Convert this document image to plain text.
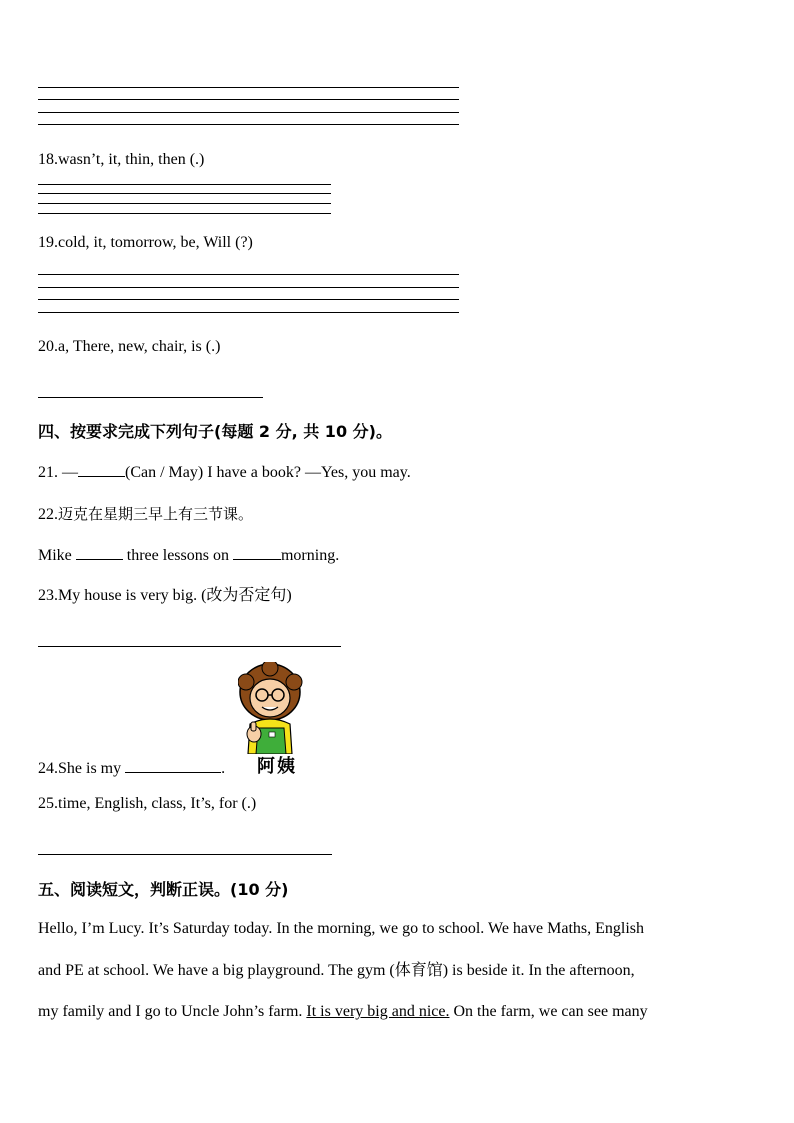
18.wasn’t, it, thin, then (.)
19.cold, it, tomorrow, be, Will (?)
20.a, There, new, chair, is (.)
四、按要求完成下列句子(每题 2 分, 共 10 分)。
21. —	(Can / May) I have a book? —Yes, you may.
22.迈克在星期三早上有三节课。
Mike	three lessons on	morning.
23.My house is very big. (改为否定句)
24.She is my	. 阿姨
25.time, English, class, It’s, for (.)
五、阅读短文，判断正误。(10 分)
Hello, I’m Lucy. It’s Saturday today. In the morning, we go to school. We have Maths, English
and PE at school. We have a big playground. The gym (体育馆) is beside it. In the afternoon,
my family and I go to Uncle John’s farm. It is very big and nice. On the farm, we can see many
